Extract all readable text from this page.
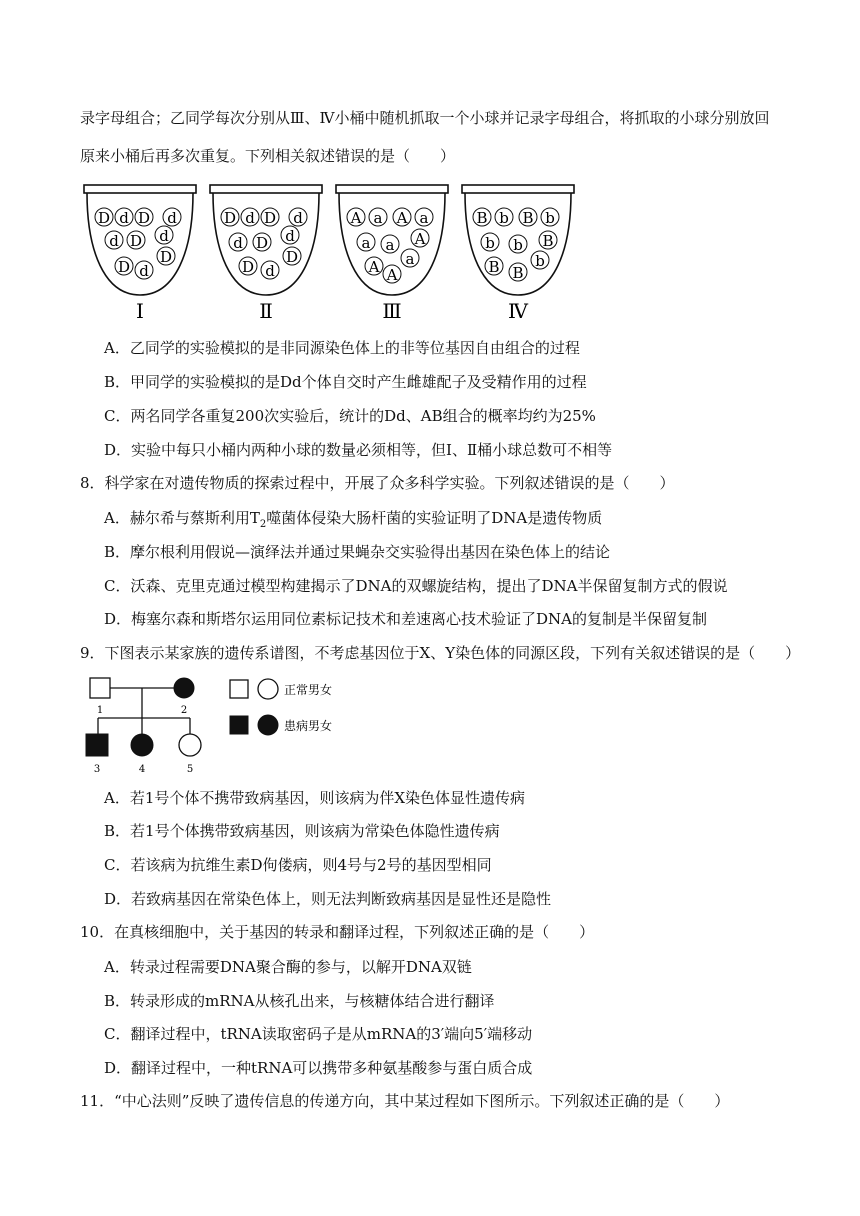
录字母组合；乙同学每次分别从Ⅲ、Ⅳ小桶中随机抓取一个小球并记录字母组合，将抓取的小球分别放回
原来小桶后再多次重复。下列相关叙述错误的是（　　）
D d D d
d D d
D d
D
Ⅰ
D d D d
d D d
D d
D
Ⅱ
A a A a
a a A
A a
A
Ⅲ
B b B b
b b B
B B
b
Ⅳ
A．乙同学的实验模拟的是非同源染色体上的非等位基因自由组合的过程
B．甲同学的实验模拟的是Dd个体自交时产生雌雄配子及受精作用的过程
C．两名同学各重复200次实验后，统计的Dd、AB组合的概率均约为25%
D．实验中每只小桶内两种小球的数量必须相等，但Ⅰ、Ⅱ桶小球总数可不相等
8．科学家在对遗传物质的探索过程中，开展了众多科学实验。下列叙述错误的是（　　）
A．赫尔希与蔡斯利用$T_2$噬菌体侵染大肠杆菌的实验证明了DNA是遗传物质
B．摩尔根利用假说—演绎法并通过果蝇杂交实验得出基因在染色体上的结论
C．沃森、克里克通过模型构建揭示了DNA的双螺旋结构，提出了DNA半保留复制方式的假说
D．梅塞尔森和斯塔尔运用同位素标记技术和差速离心技术验证了DNA的复制是半保留复制
9．下图表示某家族的遗传系谱图，不考虑基因位于X、Y染色体的同源区段，下列有关叙述错误的是（　　）
1	2
3	4	5
正常男女
患病男女
A．若1号个体不携带致病基因，则该病为伴X染色体显性遗传病
B．若1号个体携带致病基因，则该病为常染色体隐性遗传病
C．若该病为抗维生素D佝偻病，则4号与2号的基因型相同
D．若致病基因在常染色体上，则无法判断致病基因是显性还是隐性
10．在真核细胞中，关于基因的转录和翻译过程，下列叙述正确的是（　　）
A．转录过程需要DNA聚合酶的参与，以解开DNA双链
B．转录形成的mRNA从核孔出来，与核糖体结合进行翻译
C．翻译过程中，tRNA读取密码子是从mRNA的3′端向5′端移动
D．翻译过程中，一种tRNA可以携带多种氨基酸参与蛋白质合成
11．“中心法则”反映了遗传信息的传递方向，其中某过程如下图所示。下列叙述正确的是（　　）
